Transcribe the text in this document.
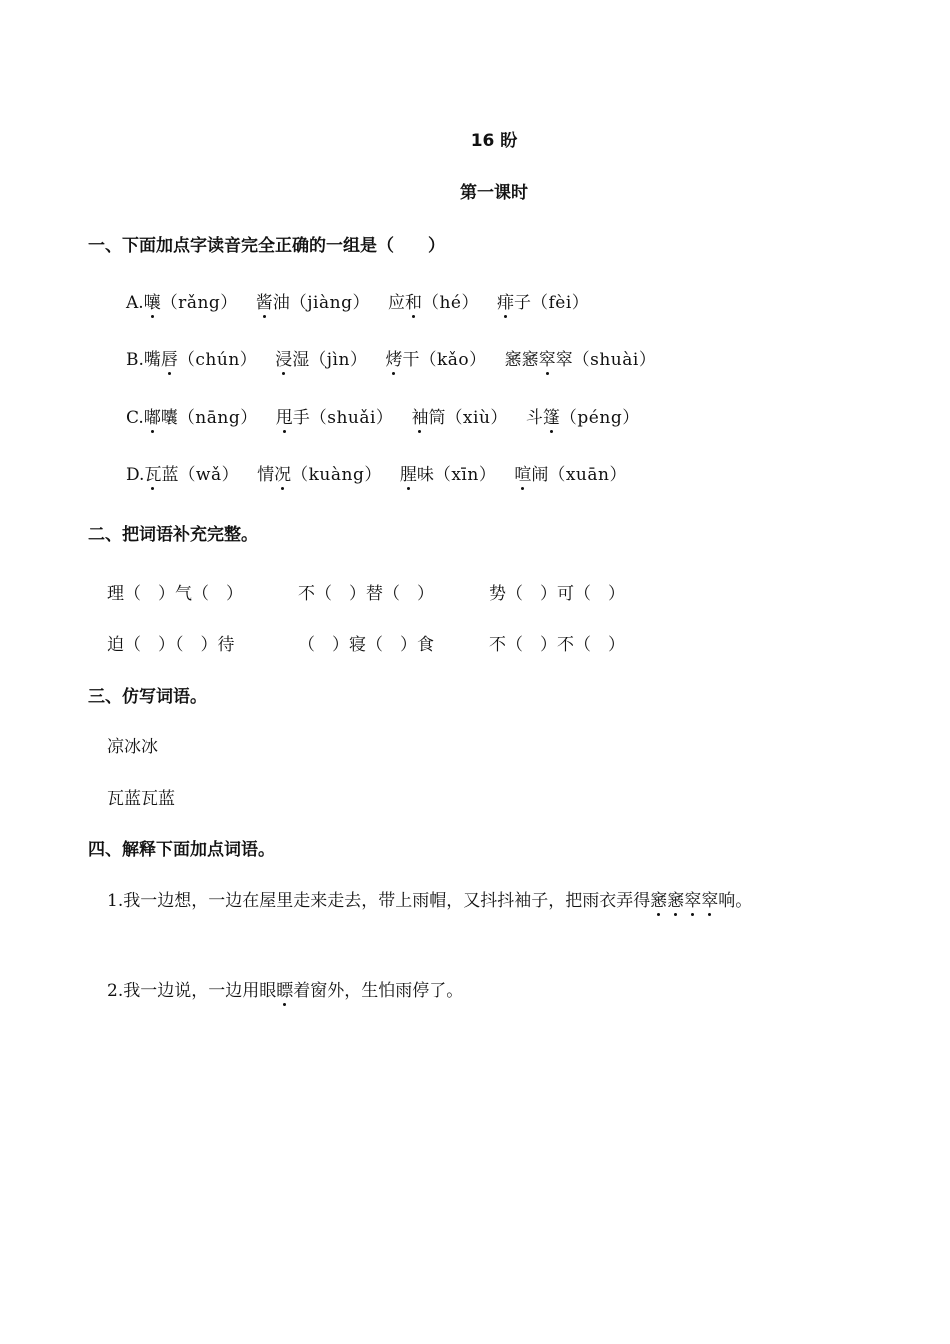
16 盼
第一课时
一、下面加点字读音完全正确的一组是（　　）
A.嚷（rǎng） 酱油（jiàng） 应和（hé） 痱子（fèi）
B.嘴唇（chún） 浸湿（jìn） 烤干（kǎo） 窸窸窣窣（shuài）
C.嘟囔（nāng） 甩手（shuǎi） 袖筒（xiù） 斗篷（péng）
D.瓦蓝（wǎ） 情况（kuàng） 腥味（xīn） 喧闹（xuān）
二、把词语补充完整。
理（　）气（　）	不（　）替（　）	势（　）可（　）
迫（　）（　）待	（　）寝（　）食	不（　）不（　）
三、仿写词语。
凉冰冰
瓦蓝瓦蓝
四、解释下面加点词语。
1.我一边想，一边在屋里走来走去，带上雨帽，又抖抖袖子，把雨衣弄得窸窸窣窣响。
2.我一边说，一边用眼瞟着窗外，生怕雨停了。
